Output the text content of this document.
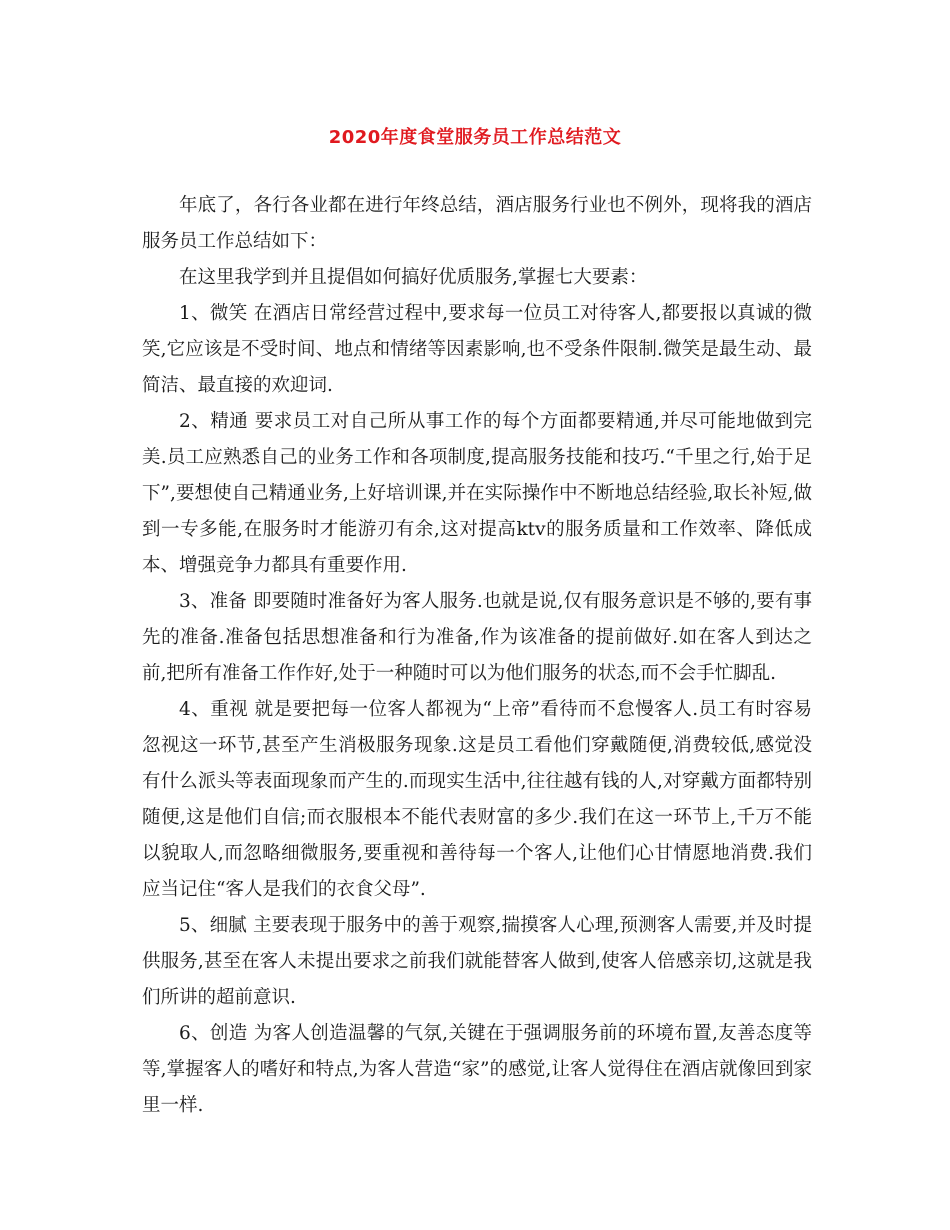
2020年度食堂服务员工作总结范文

年底了，各行各业都在进行年终总结，酒店服务行业也不例外，现将我的酒店服务员工作总结如下：

在这里我学到并且提倡如何搞好优质服务,掌握七大要素：

1、微笑 在酒店日常经营过程中,要求每一位员工对待客人,都要报以真诚的微笑,它应该是不受时间、地点和情绪等因素影响,也不受条件限制.微笑是最生动、最简洁、最直接的欢迎词.

2、精通 要求员工对自己所从事工作的每个方面都要精通,并尽可能地做到完美.员工应熟悉自己的业务工作和各项制度,提高服务技能和技巧.“千里之行,始于足下”,要想使自己精通业务,上好培训课,并在实际操作中不断地总结经验,取长补短,做到一专多能,在服务时才能游刃有余,这对提高ktv的服务质量和工作效率、降低成本、增强竞争力都具有重要作用.

3、准备 即要随时准备好为客人服务.也就是说,仅有服务意识是不够的,要有事先的准备.准备包括思想准备和行为准备,作为该准备的提前做好.如在客人到达之前,把所有准备工作作好,处于一种随时可以为他们服务的状态,而不会手忙脚乱.

4、重视 就是要把每一位客人都视为“上帝”看待而不怠慢客人.员工有时容易忽视这一环节,甚至产生消极服务现象.这是员工看他们穿戴随便,消费较低,感觉没有什么派头等表面现象而产生的.而现实生活中,往往越有钱的人,对穿戴方面都特别随便,这是他们自信;而衣服根本不能代表财富的多少.我们在这一环节上,千万不能以貌取人,而忽略细微服务,要重视和善待每一个客人,让他们心甘情愿地消费.我们应当记住“客人是我们的衣食父母”.

5、细腻 主要表现于服务中的善于观察,揣摸客人心理,预测客人需要,并及时提供服务,甚至在客人未提出要求之前我们就能替客人做到,使客人倍感亲切,这就是我们所讲的超前意识.

6、创造 为客人创造温馨的气氛,关键在于强调服务前的环境布置,友善态度等等,掌握客人的嗜好和特点,为客人营造“家”的感觉,让客人觉得住在酒店就像回到家里一样.
